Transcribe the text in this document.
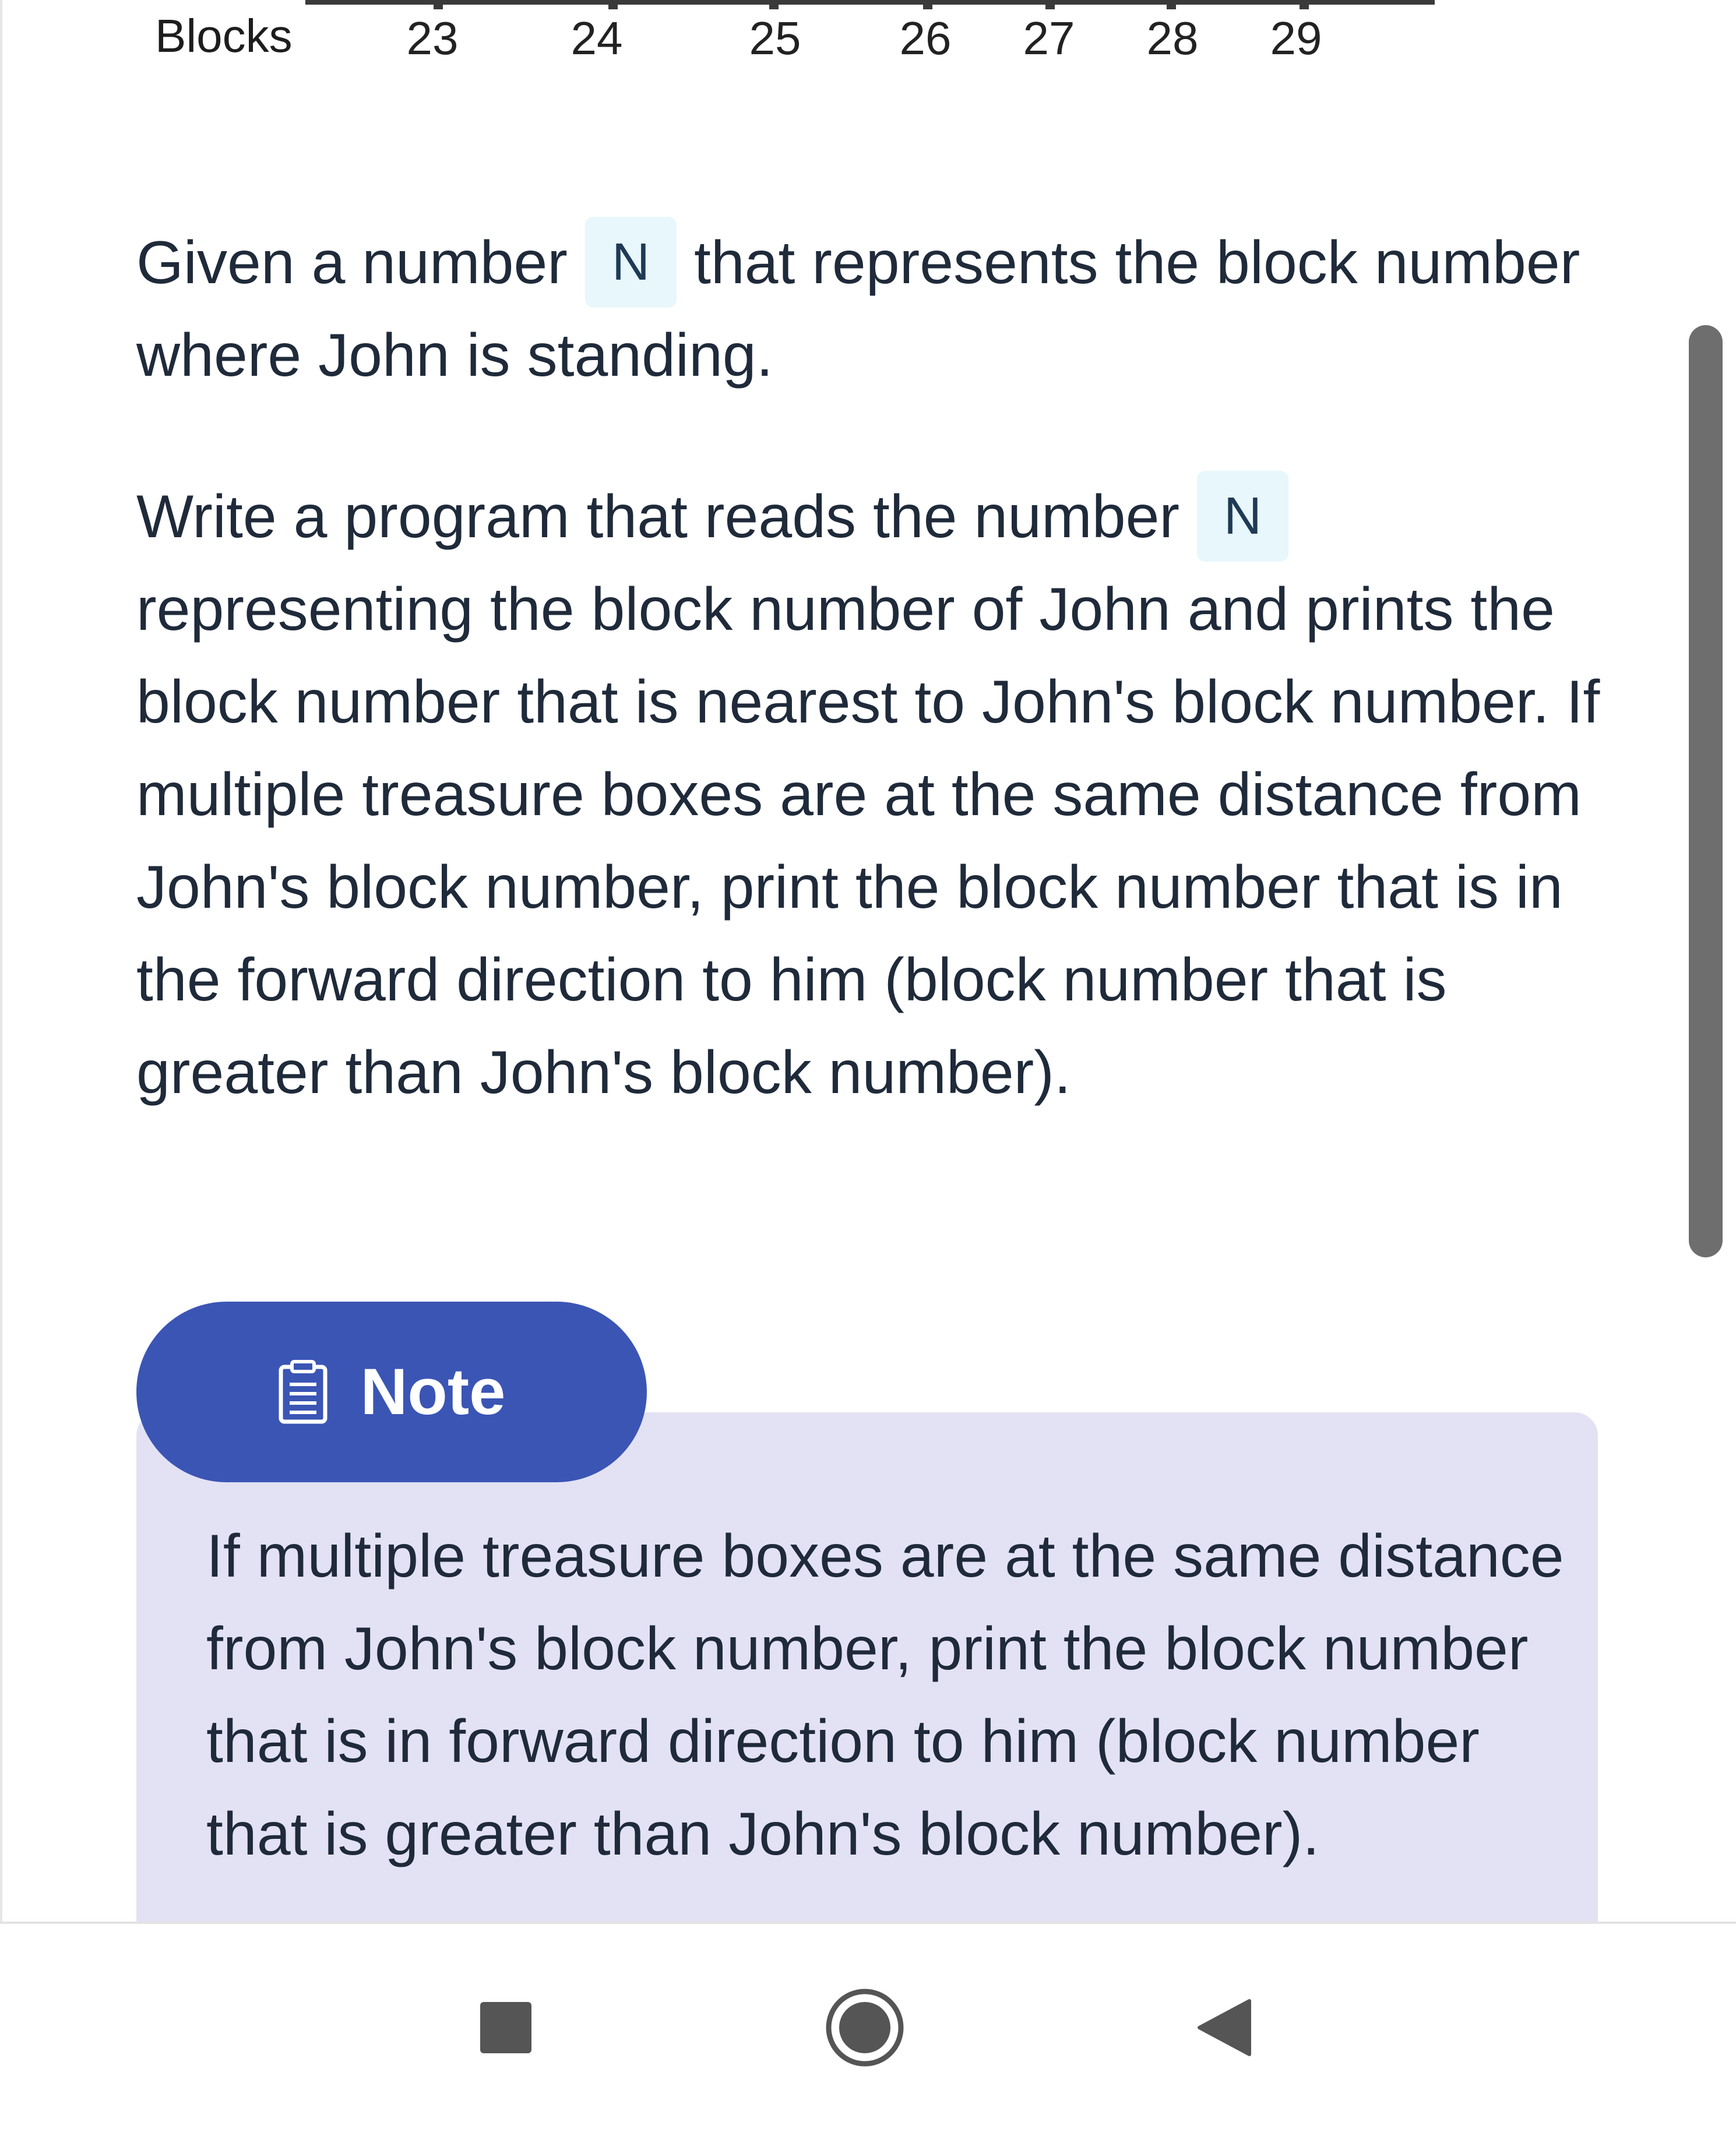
Blocks 23 24	25 26 27 28 29
Given a number N that represents the block number where John is standing.
Write a program that reads the number Nrepresenting the block number of John and prints the block number that is nearest to John's block number. If multiple treasure boxes are at the same distance from John's block number, print the block number that is in the forward direction to him (block number that is greater than John's block number).
Note
If multiple treasure boxes are at the same distance from John's block number, print the block number that is in forward direction to him (block number that is greater than John's block number).
